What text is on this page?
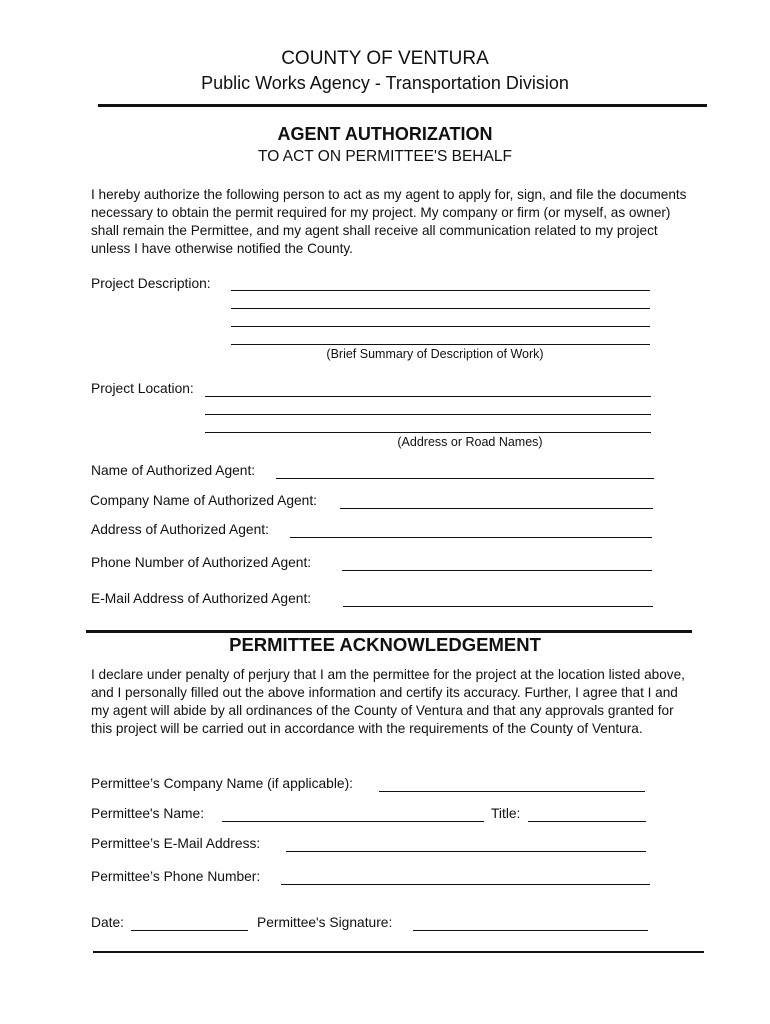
COUNTY OF VENTURA
Public Works Agency - Transportation Division
AGENT AUTHORIZATION
TO ACT ON PERMITTEE'S BEHALF
I hereby authorize the following person to act as my agent to apply for, sign, and file the documents necessary to obtain the permit required for my project. My company or firm (or myself, as owner) shall remain the Permittee, and my agent shall receive all communication related to my project unless I have otherwise notified the County.
Project Description:
(Brief Summary of Description of Work)
Project Location:
(Address or Road Names)
Name of Authorized Agent:
Company Name of Authorized Agent:
Address of Authorized Agent:
Phone Number of Authorized Agent:
E-Mail Address of Authorized Agent:
PERMITTEE ACKNOWLEDGEMENT
I declare under penalty of perjury that I am the permittee for the project at the location listed above, and I personally filled out the above information and certify its accuracy. Further, I agree that I and my agent will abide by all ordinances of the County of Ventura and that any approvals granted for this project will be carried out in accordance with the requirements of the County of Ventura.
Permittee’s Company Name (if applicable):
Permittee's Name:	Title:
Permittee’s E-Mail Address:
Permittee’s Phone Number:
Date:	Permittee's Signature:
